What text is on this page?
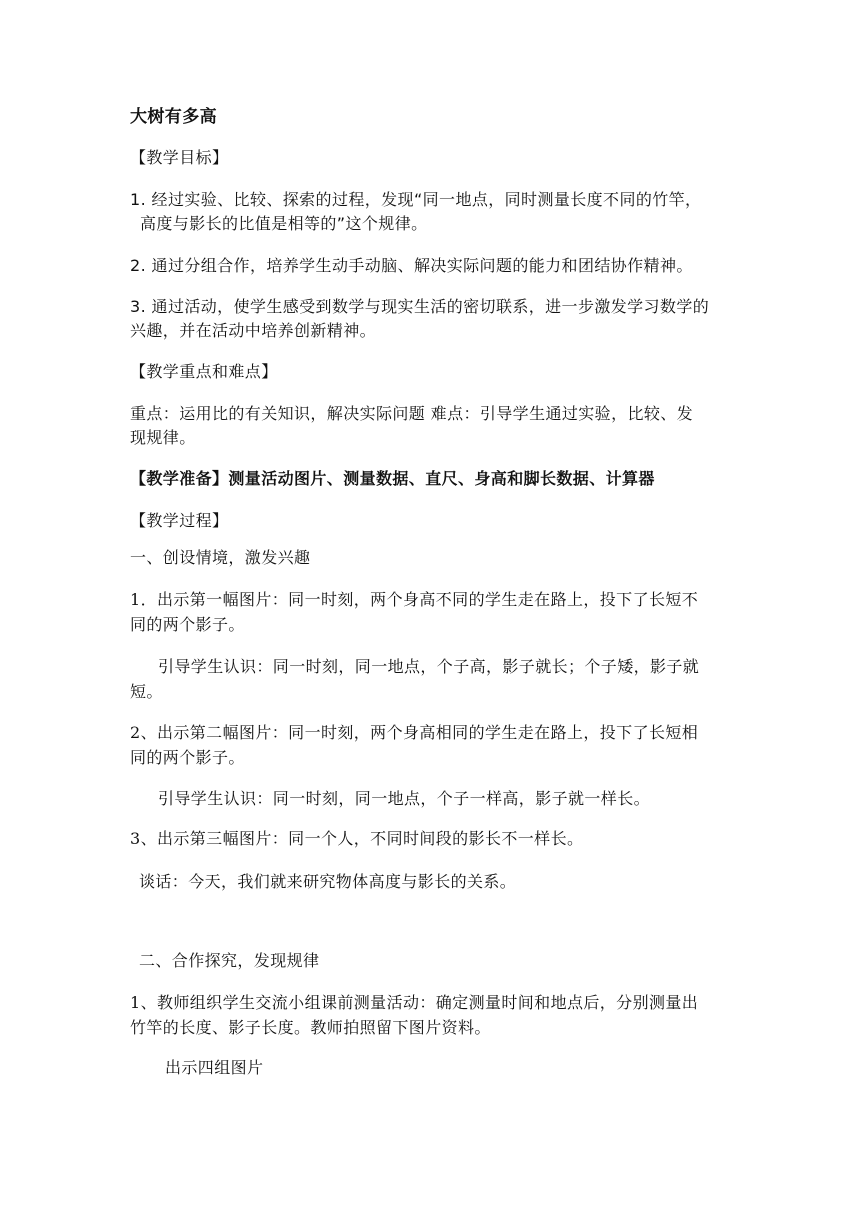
大树有多高
【教学目标】
1. 经过实验、比较、探索的过程，发现“同一地点，同时测量长度不同的竹竿，
高度与影长的比值是相等的”这个规律。
2. 通过分组合作，培养学生动手动脑、解决实际问题的能力和团结协作精神。
3. 通过活动，使学生感受到数学与现实生活的密切联系，进一步激发学习数学的
兴趣，并在活动中培养创新精神。
【教学重点和难点】
重点：运用比的有关知识，解决实际问题 难点：引导学生通过实验，比较、发
现规律。
【教学准备】测量活动图片、测量数据、直尺、身高和脚长数据、计算器
【教学过程】
一、创设情境，激发兴趣
1．出示第一幅图片：同一时刻，两个身高不同的学生走在路上，投下了长短不
同的两个影子。
引导学生认识：同一时刻，同一地点，个子高，影子就长；个子矮，影子就
短。
2、出示第二幅图片：同一时刻，两个身高相同的学生走在路上，投下了长短相
同的两个影子。
引导学生认识：同一时刻，同一地点，个子一样高，影子就一样长。
3、出示第三幅图片：同一个人，不同时间段的影长不一样长。
谈话：今天，我们就来研究物体高度与影长的关系。
二、合作探究，发现规律
1、教师组织学生交流小组课前测量活动：确定测量时间和地点后，分别测量出
竹竿的长度、影子长度。教师拍照留下图片资料。
出示四组图片
